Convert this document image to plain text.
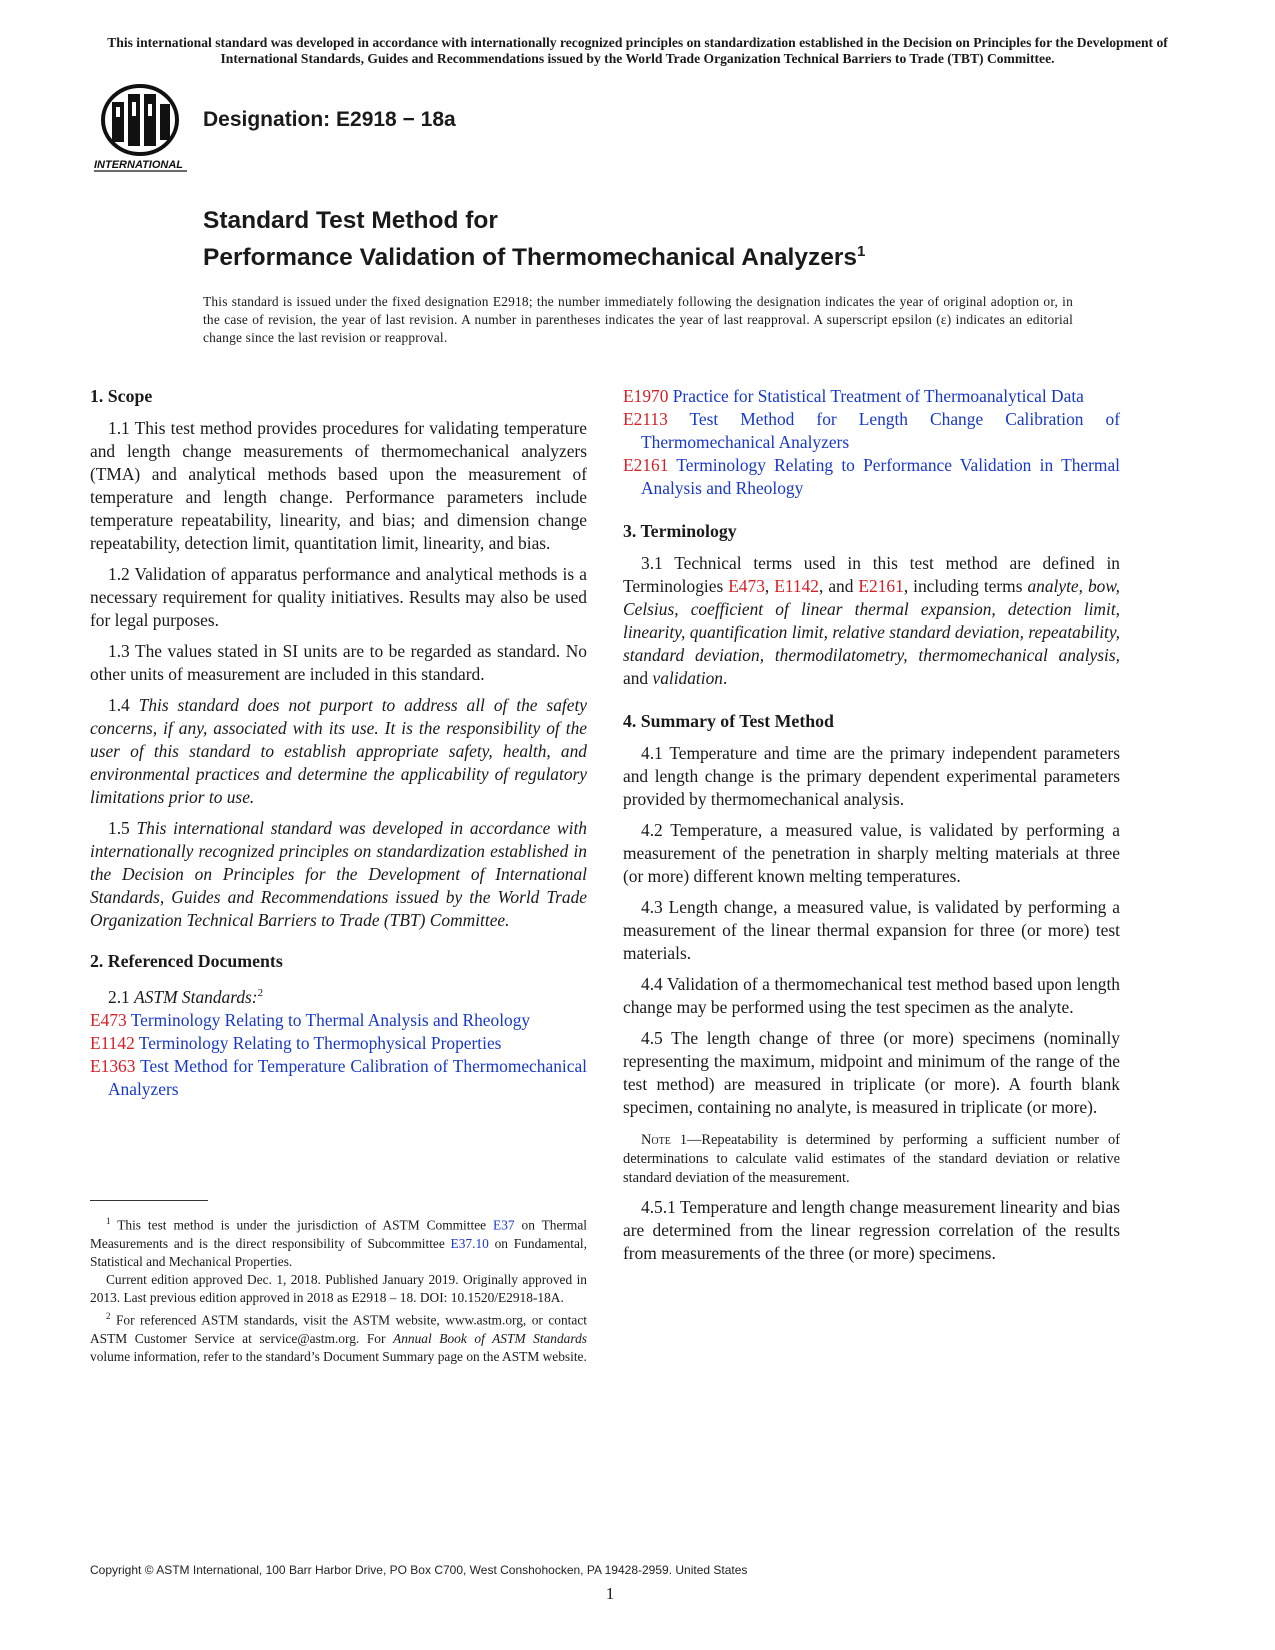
This international standard was developed in accordance with internationally recognized principles on standardization established in the Decision on Principles for the Development of International Standards, Guides and Recommendations issued by the World Trade Organization Technical Barriers to Trade (TBT) Committee.
INTERNATIONAL
Designation: E2918 − 18a
Standard Test Method for
Performance Validation of Thermomechanical Analyzers$^1$
This standard is issued under the fixed designation E2918; the number immediately following the designation indicates the year of original adoption or, in the case of revision, the year of last revision. A number in parentheses indicates the year of last reapproval. A superscript epsilon (ε) indicates an editorial change since the last revision or reapproval.
1. Scope

1.1 This test method provides procedures for validating temperature and length change measurements of thermomechanical analyzers (TMA) and analytical methods based upon the measurement of temperature and length change. Performance parameters include temperature repeatability, linearity, and bias; and dimension change repeatability, detection limit, quantitation limit, linearity, and bias.

1.2 Validation of apparatus performance and analytical methods is a necessary requirement for quality initiatives. Results may also be used for legal purposes.

1.3 The values stated in SI units are to be regarded as standard. No other units of measurement are included in this standard.

1.4 This standard does not purport to address all of the safety concerns, if any, associated with its use. It is the responsibility of the user of this standard to establish appropriate safety, health, and environmental practices and determine the applicability of regulatory limitations prior to use.

1.5 This international standard was developed in accordance with internationally recognized principles on standardization established in the Decision on Principles for the Development of International Standards, Guides and Recommendations issued by the World Trade Organization Technical Barriers to Trade (TBT) Committee.

2. Referenced Documents

2.1 ASTM Standards:$^2$

E473 Terminology Relating to Thermal Analysis and Rheology
E1142 Terminology Relating to Thermophysical Properties
E1363 Test Method for Temperature Calibration of Thermomechanical Analyzers
E1970 Practice for Statistical Treatment of Thermoanalytical Data
E2113 Test Method for Length Change Calibration of Thermomechanical Analyzers
E2161 Terminology Relating to Performance Validation in Thermal Analysis and Rheology
3. Terminology

3.1 Technical terms used in this test method are defined in Terminologies E473, E1142, and E2161, including terms analyte, bow, Celsius, coefficient of linear thermal expansion, detection limit, linearity, quantification limit, relative standard deviation, repeatability, standard deviation, thermodilatometry, thermomechanical analysis, and validation.

4. Summary of Test Method

4.1 Temperature and time are the primary independent parameters and length change is the primary dependent experimental parameters provided by thermomechanical analysis.

4.2 Temperature, a measured value, is validated by performing a measurement of the penetration in sharply melting materials at three (or more) different known melting temperatures.

4.3 Length change, a measured value, is validated by performing a measurement of the linear thermal expansion for three (or more) test materials.

4.4 Validation of a thermomechanical test method based upon length change may be performed using the test specimen as the analyte.

4.5 The length change of three (or more) specimens (nominally representing the maximum, midpoint and minimum of the range of the test method) are measured in triplicate (or more). A fourth blank specimen, containing no analyte, is measured in triplicate (or more).

Note 1—Repeatability is determined by performing a sufficient number of determinations to calculate valid estimates of the standard deviation or relative standard deviation of the measurement.

4.5.1 Temperature and length change measurement linearity and bias are determined from the linear regression correlation of the results from measurements of the three (or more) specimens.

$^1$ This test method is under the jurisdiction of ASTM Committee E37 on Thermal Measurements and is the direct responsibility of Subcommittee E37.10 on Fundamental, Statistical and Mechanical Properties.

Current edition approved Dec. 1, 2018. Published January 2019. Originally approved in 2013. Last previous edition approved in 2018 as E2918 – 18. DOI: 10.1520/E2918-18A.

$^2$ For referenced ASTM standards, visit the ASTM website, www.astm.org, or contact ASTM Customer Service at service@astm.org. For Annual Book of ASTM Standards volume information, refer to the standard’s Document Summary page on the ASTM website.

Copyright © ASTM International, 100 Barr Harbor Drive, PO Box C700, West Conshohocken, PA 19428-2959. United States
1
